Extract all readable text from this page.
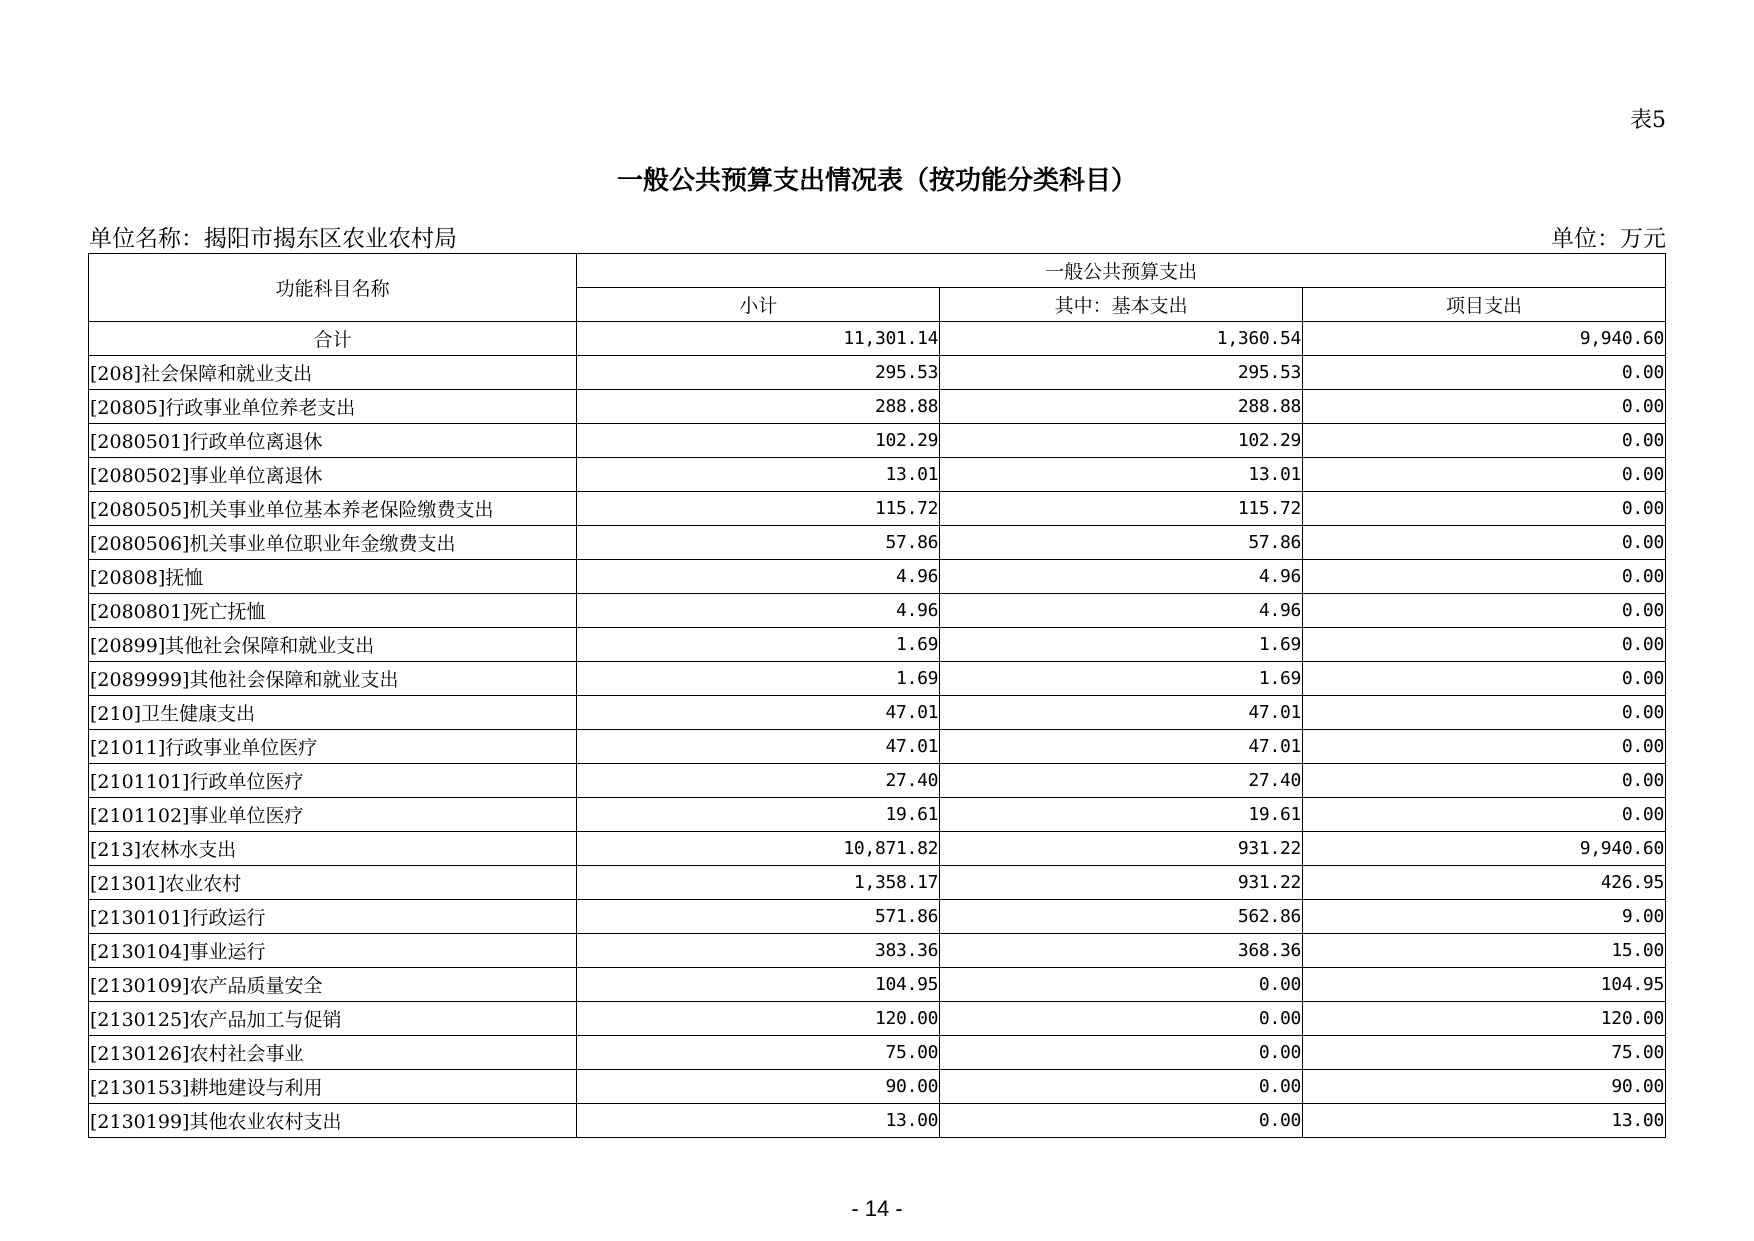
表5
一般公共预算支出情况表（按功能分类科目）
单位名称：揭阳市揭东区农业农村局	单位：万元
功能科目名称	一般公共预算支出		
	小计	其中：基本支出	项目支出
合计	11,301.14	1,360.54	9,940.60
[208]社会保障和就业支出	295.53	295.53	0.00
[20805]行政事业单位养老支出	288.88	288.88	0.00
[2080501]行政单位离退休	102.29	102.29	0.00
[2080502]事业单位离退休	13.01	13.01	0.00
[2080505]机关事业单位基本养老保险缴费支出	115.72	115.72	0.00
[2080506]机关事业单位职业年金缴费支出	57.86	57.86	0.00
[20808]抚恤	4.96	4.96	0.00
[2080801]死亡抚恤	4.96	4.96	0.00
[20899]其他社会保障和就业支出	1.69	1.69	0.00
[2089999]其他社会保障和就业支出	1.69	1.69	0.00
[210]卫生健康支出	47.01	47.01	0.00
[21011]行政事业单位医疗	47.01	47.01	0.00
[2101101]行政单位医疗	27.40	27.40	0.00
[2101102]事业单位医疗	19.61	19.61	0.00
[213]农林水支出	10,871.82	931.22	9,940.60
[21301]农业农村	1,358.17	931.22	426.95
[2130101]行政运行	571.86	562.86	9.00
[2130104]事业运行	383.36	368.36	15.00
[2130109]农产品质量安全	104.95	0.00	104.95
[2130125]农产品加工与促销	120.00	0.00	120.00
[2130126]农村社会事业	75.00	0.00	75.00
[2130153]耕地建设与利用	90.00	0.00	90.00
[2130199]其他农业农村支出	13.00	0.00	13.00
- 14 -
